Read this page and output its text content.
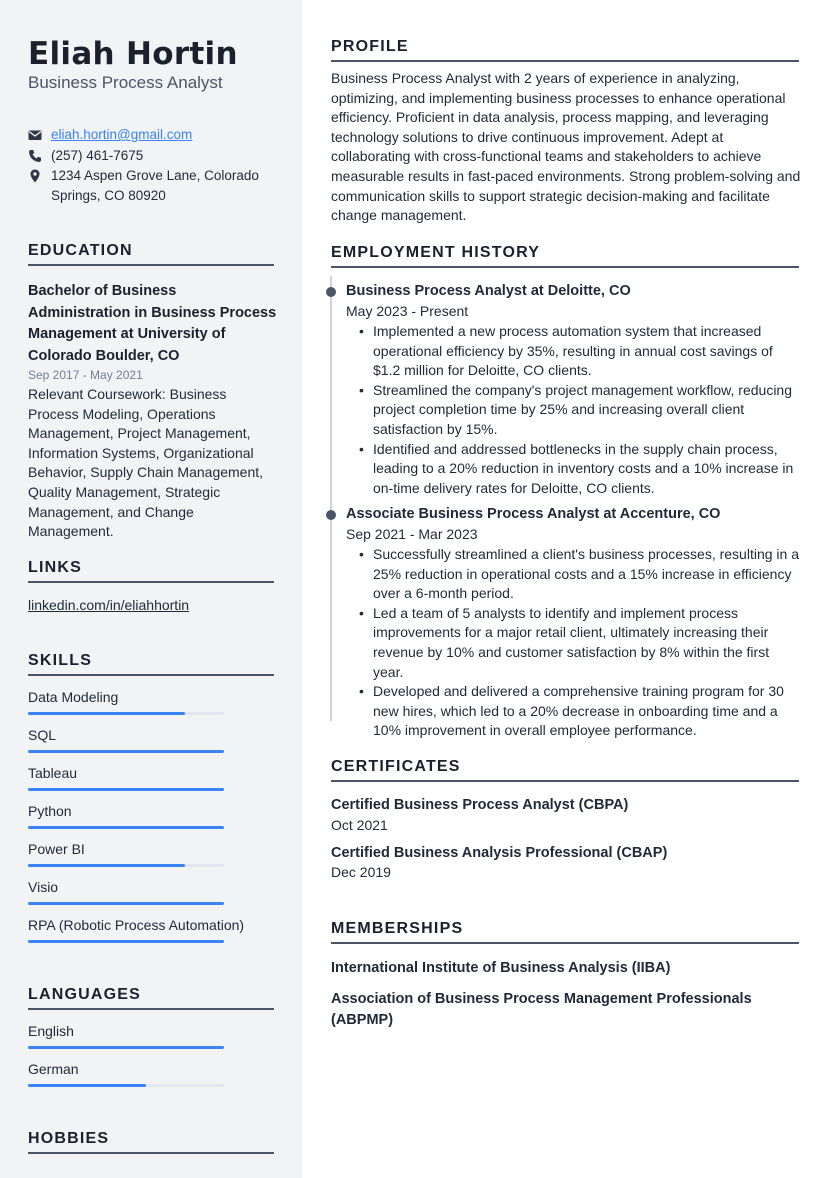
Eliah Hortin
Business Process Analyst
eliah.hortin@gmail.com
(257) 461-7675
1234 Aspen Grove Lane, Colorado Springs, CO 80920
EDUCATION
Bachelor of Business Administration in Business Process Management at University of Colorado Boulder, CO
Sep 2017 - May 2021
Relevant Coursework: Business Process Modeling, Operations Management, Project Management, Information Systems, Organizational Behavior, Supply Chain Management, Quality Management, Strategic Management, and Change Management.
LINKS
linkedin.com/in/eliahhortin
SKILLS
Data Modeling
SQL
Tableau
Python
Power BI
Visio
RPA (Robotic Process Automation)
LANGUAGES
English
German
HOBBIES
PROFILE
Business Process Analyst with 2 years of experience in analyzing, optimizing, and implementing business processes to enhance operational efficiency. Proficient in data analysis, process mapping, and leveraging technology solutions to drive continuous improvement. Adept at collaborating with cross-functional teams and stakeholders to achieve measurable results in fast-paced environments. Strong problem-solving and communication skills to support strategic decision-making and facilitate change management.
EMPLOYMENT HISTORY
Business Process Analyst at Deloitte, CO
May 2023 - Present
• Implemented a new process automation system that increased operational efficiency by 35%, resulting in annual cost savings of $1.2 million for Deloitte, CO clients.
• Streamlined the company's project management workflow, reducing project completion time by 25% and increasing overall client satisfaction by 15%.
• Identified and addressed bottlenecks in the supply chain process, leading to a 20% reduction in inventory costs and a 10% increase in on-time delivery rates for Deloitte, CO clients.
Associate Business Process Analyst at Accenture, CO
Sep 2021 - Mar 2023
• Successfully streamlined a client's business processes, resulting in a 25% reduction in operational costs and a 15% increase in efficiency over a 6-month period.
• Led a team of 5 analysts to identify and implement process improvements for a major retail client, ultimately increasing their revenue by 10% and customer satisfaction by 8% within the first year.
• Developed and delivered a comprehensive training program for 30 new hires, which led to a 20% decrease in onboarding time and a 10% improvement in overall employee performance.
CERTIFICATES
Certified Business Process Analyst (CBPA)
Oct 2021
Certified Business Analysis Professional (CBAP)
Dec 2019
MEMBERSHIPS
International Institute of Business Analysis (IIBA)
Association of Business Process Management Professionals (ABPMP)
